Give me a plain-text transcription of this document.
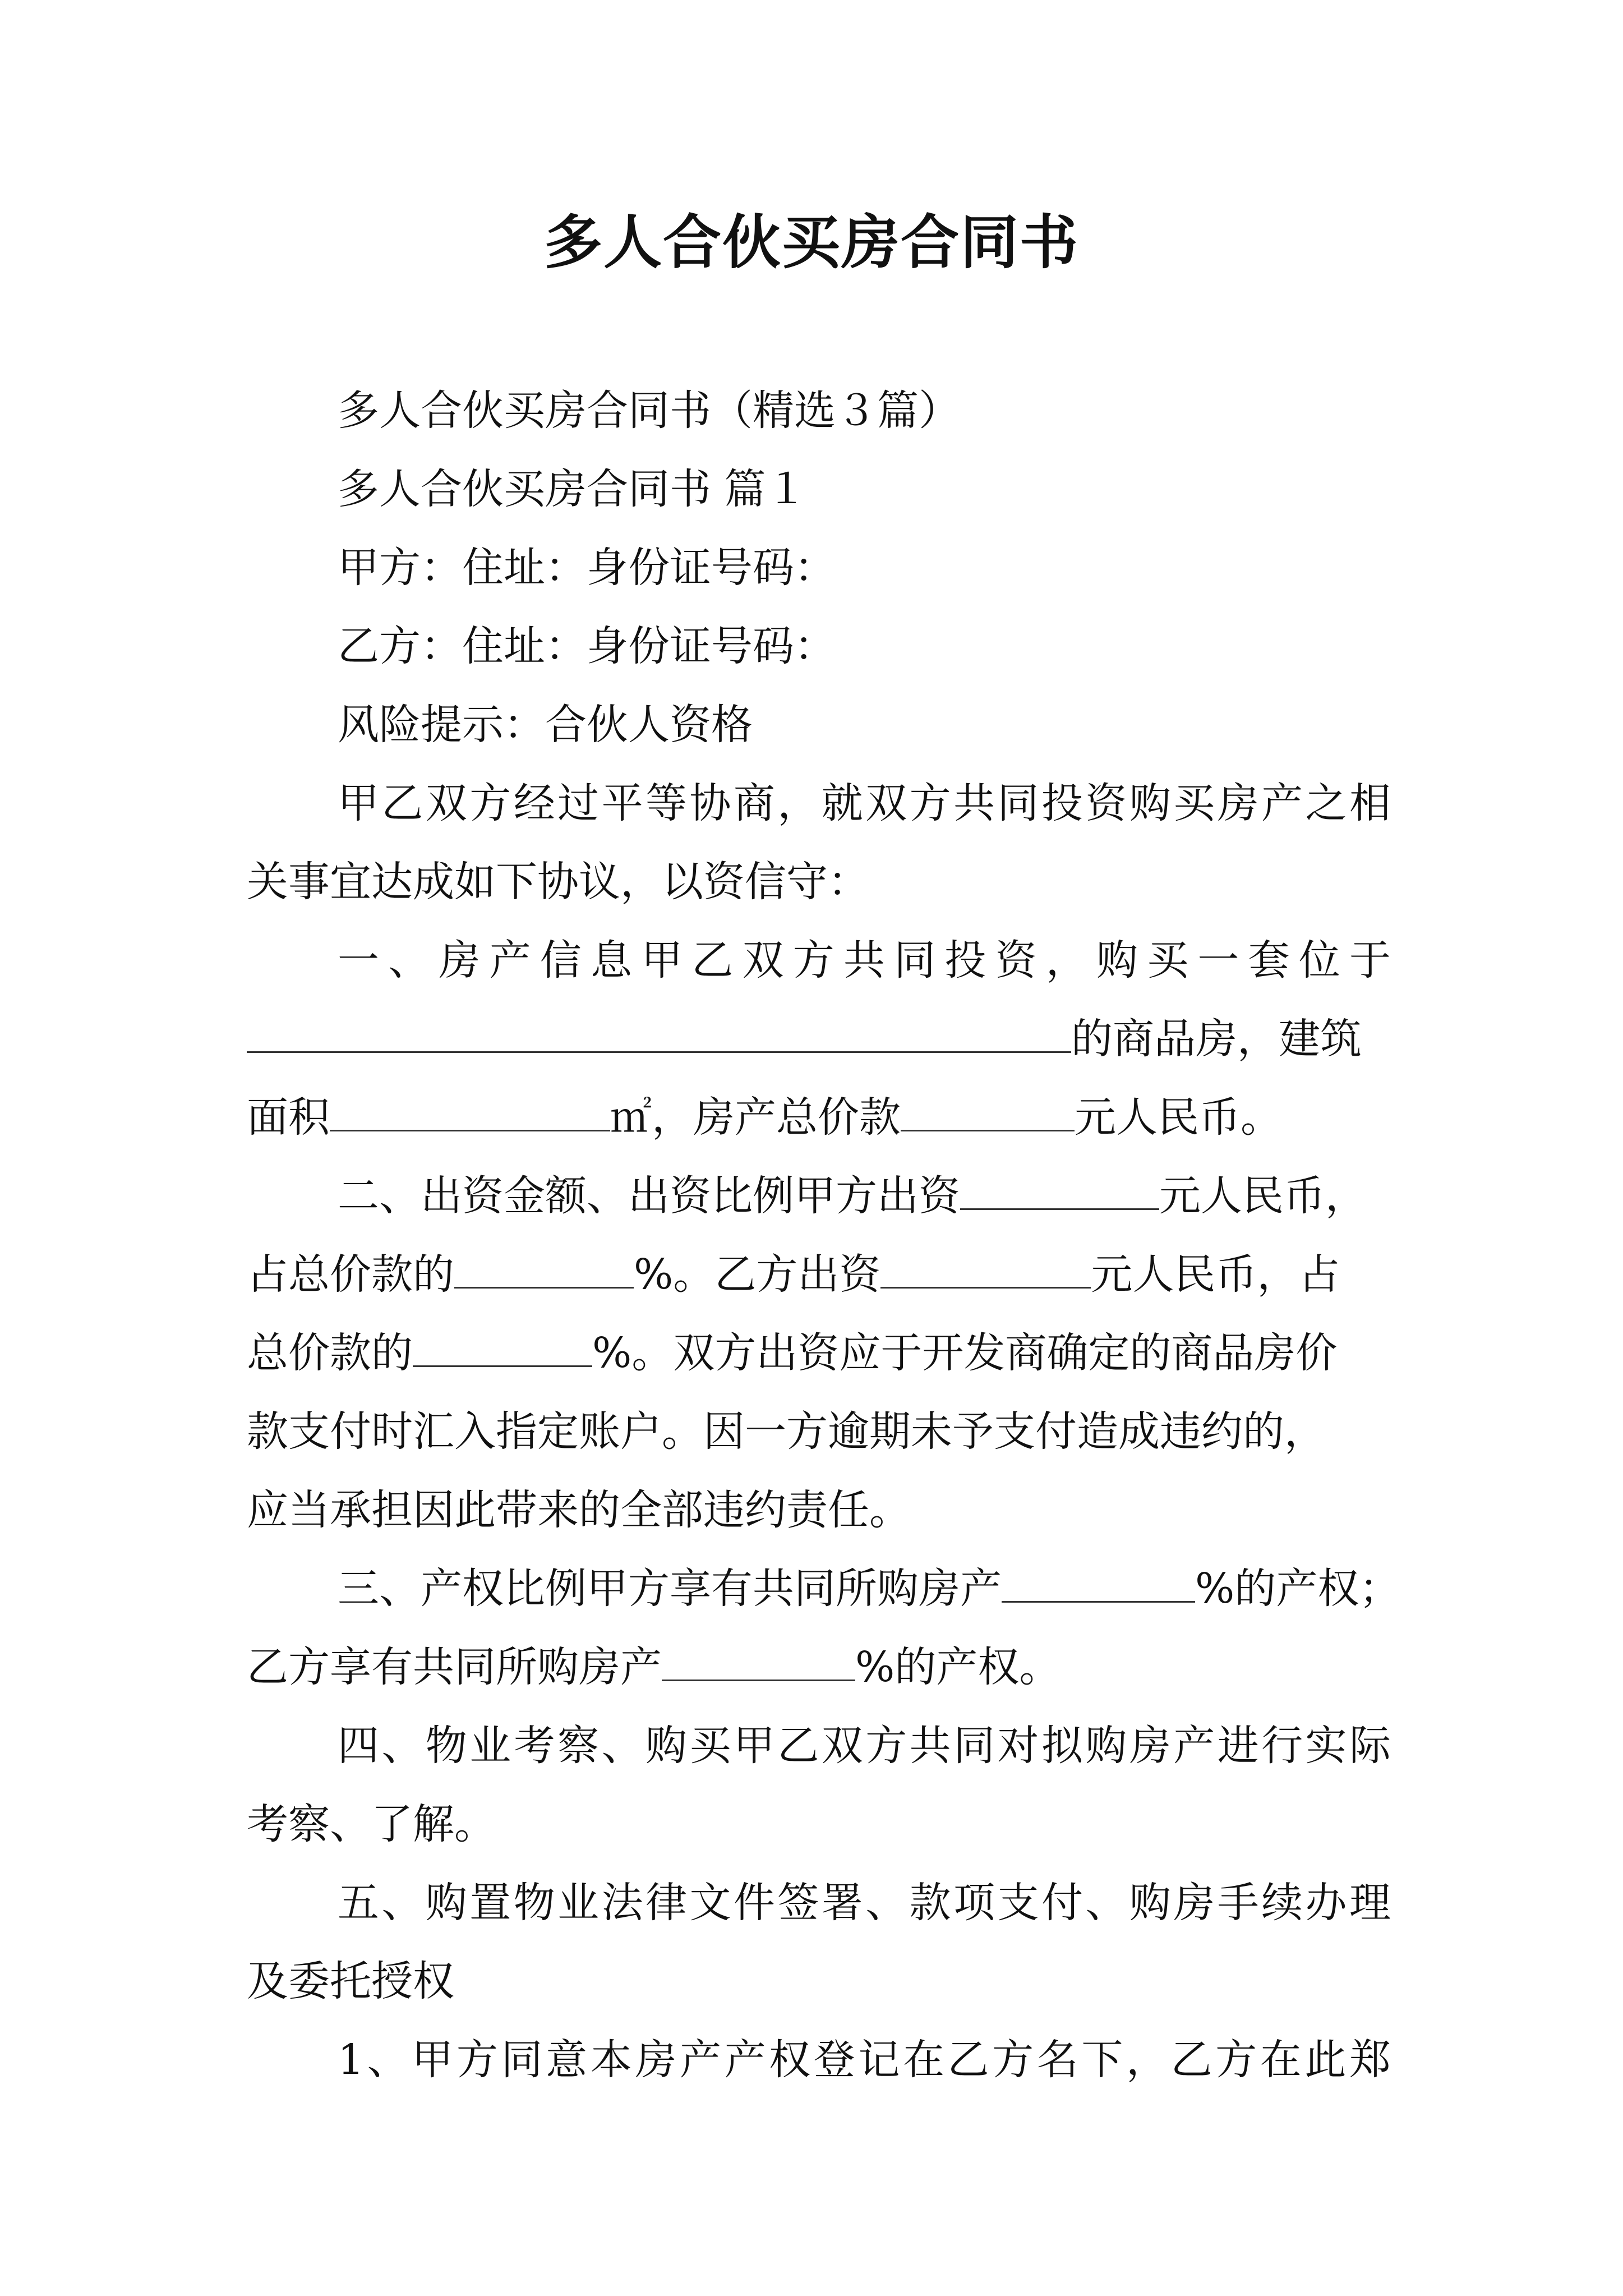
多人合伙买房合同书
多人合伙买房合同书（精选３篇）
多人合伙买房合同书 篇１
甲方：住址：身份证号码：
乙方：住址：身份证号码：
风险提示：合伙人资格
甲乙双方经过平等协商，就双方共同投资购买房产之相
关事宜达成如下协议，以资信守：
一、房产信息甲乙双方共同投资，购买一套位于
的商品房，建筑
面积	㎡，房产总价款	元人民币。
二、出资金额、出资比例甲方出资	元人民币，
占总价款的	%。乙方出资	元人民币，占
总价款的	%。双方出资应于开发商确定的商品房价
款支付时汇入指定账户。因一方逾期未予支付造成违约的，
应当承担因此带来的全部违约责任。
三、产权比例甲方享有共同所购房产	%的产权；
乙方享有共同所购房产	%的产权。
四、物业考察、购买甲乙双方共同对拟购房产进行实际
考察、了解。
五、购置物业法律文件签署、款项支付、购房手续办理
及委托授权
1、甲方同意本房产产权登记在乙方名下，乙方在此郑
